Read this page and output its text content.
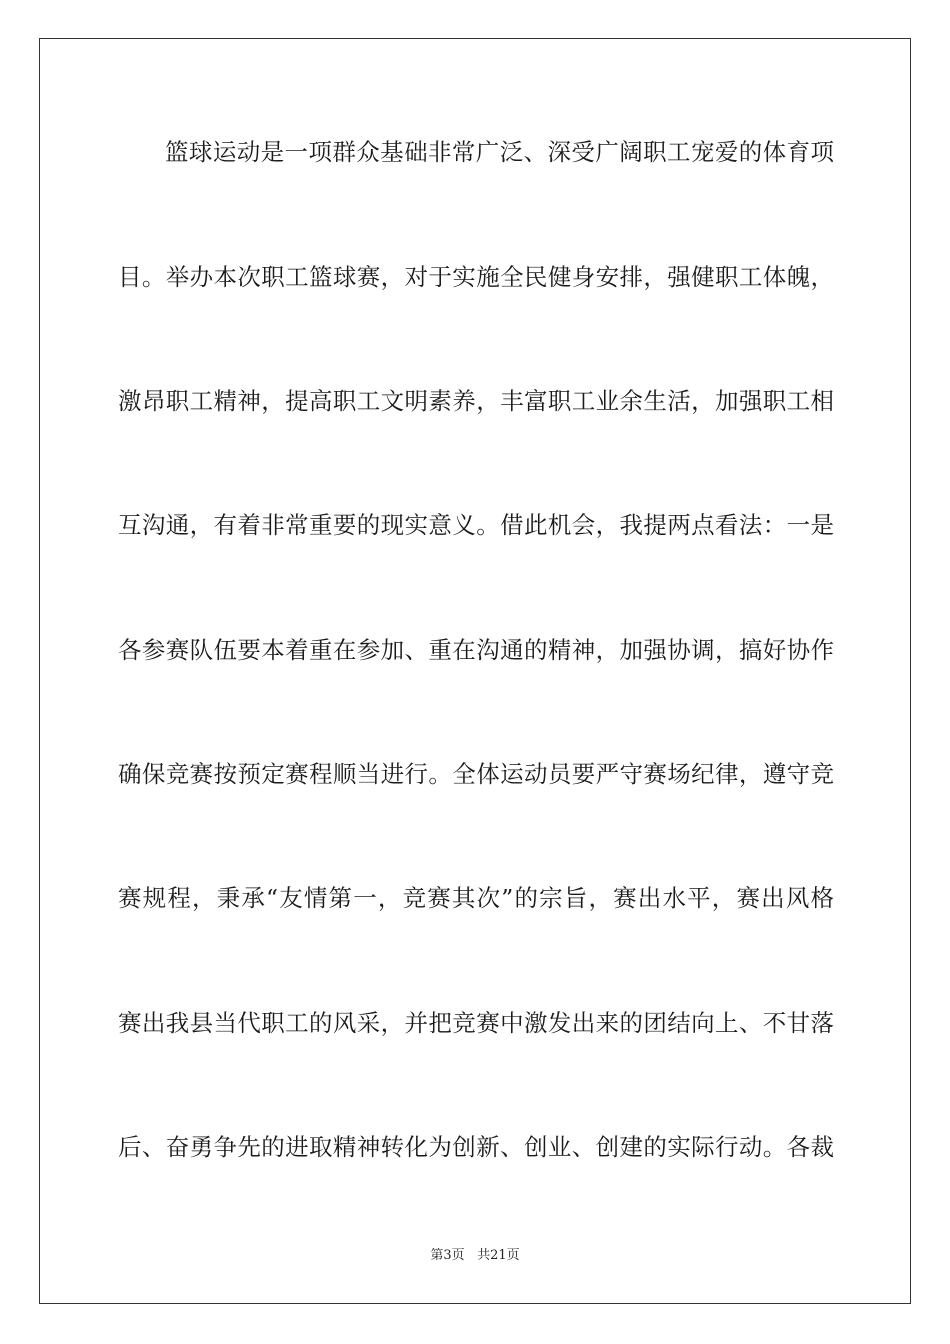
篮球运动是一项群众基础非常广泛、深受广阔职工宠爱的体育项
目。举办本次职工篮球赛，对于实施全民健身安排，强健职工体魄，
激昂职工精神，提高职工文明素养，丰富职工业余生活，加强职工相
互沟通，有着非常重要的现实意义。借此机会，我提两点看法：一是
各参赛队伍要本着重在参加、重在沟通的精神，加强协调，搞好协作
确保竞赛按预定赛程顺当进行。全体运动员要严守赛场纪律，遵守竞
赛规程，秉承“友情第一，竞赛其次”的宗旨，赛出水平，赛出风格
赛出我县当代职工的风采，并把竞赛中激发出来的团结向上、不甘落
后、奋勇争先的进取精神转化为创新、创业、创建的实际行动。各裁
第3页 共21页
